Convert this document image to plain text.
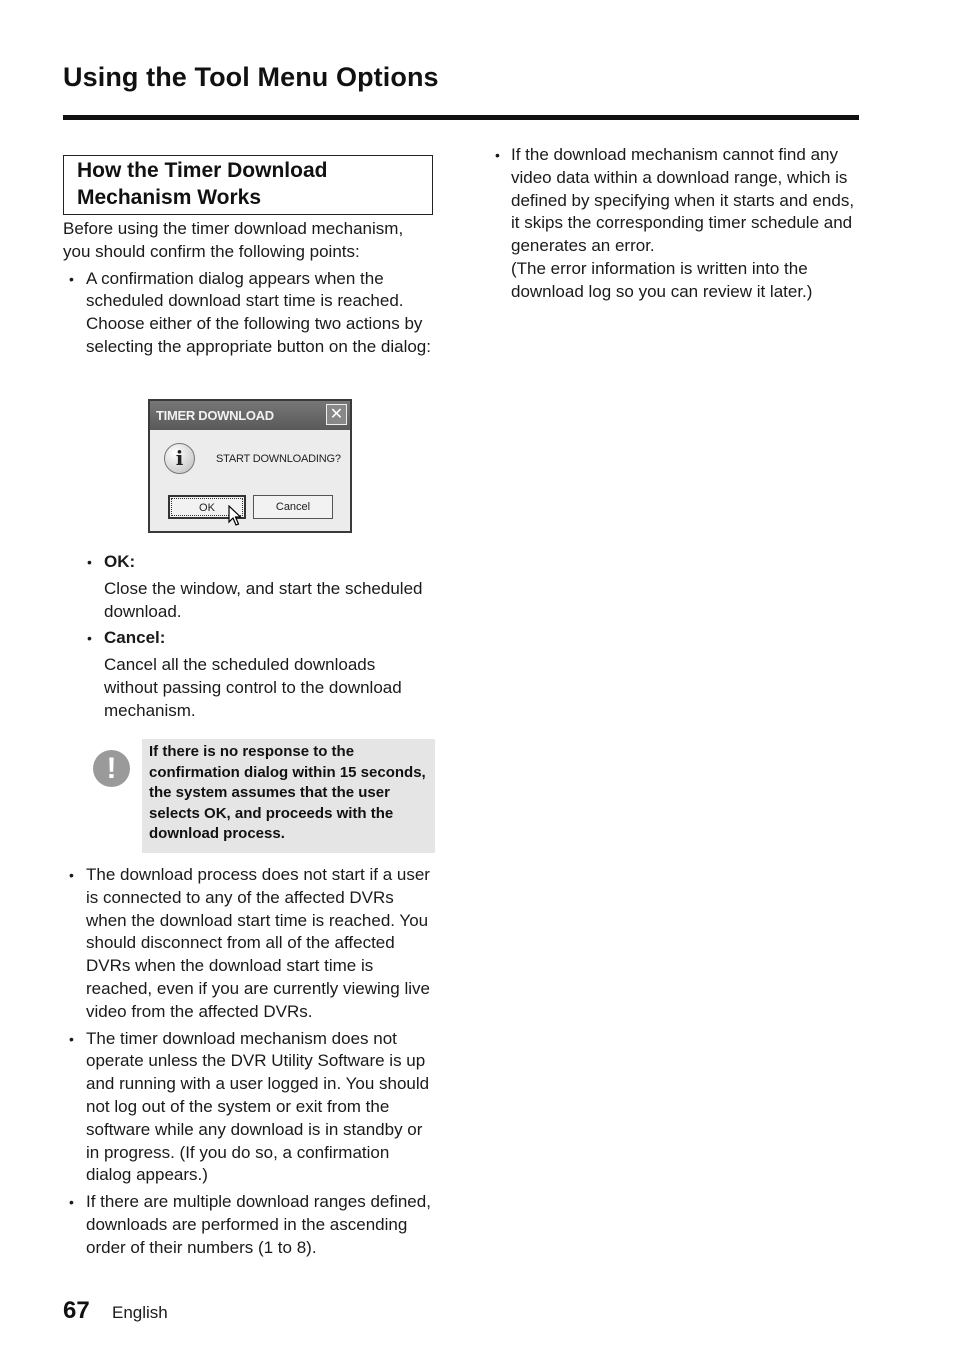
Using the Tool Menu Options
How the Timer Download
Mechanism Works

Before using the timer download mechanism, you should confirm the following points:

• A confirmation dialog appears when the scheduled download start time is reached. Choose either of the following two actions by selecting the appropriate button on the dialog:
TIMER DOWNLOAD	✕
i	START DOWNLOADING?
OK	Cancel
• OK:

Close the window, and start the scheduled download.

• Cancel:

Cancel all the scheduled downloads without passing control to the download mechanism.

!

If there is no response to the confirmation dialog within 15 seconds, the system assumes that the user selects OK, and proceeds with the download process.

• The download process does not start if a user is connected to any of the affected DVRs when the download start time is reached. You should disconnect from all of the affected DVRs when the download start time is reached, even if you are currently viewing live video from the affected DVRs.
• The timer download mechanism does not operate unless the DVR Utility Software is up and running with a user logged in. You should not log out of the system or exit from the software while any download is in standby or in progress. (If you do so, a confirmation dialog appears.)
• If there are multiple download ranges defined, downloads are performed in the ascending order of their numbers (1 to 8).
• If the download mechanism cannot find any video data within a download range, which is defined by specifying when it starts and ends, it skips the corresponding timer schedule and generates an error.
(The error information is written into the download log so you can review it later.)
67 English
